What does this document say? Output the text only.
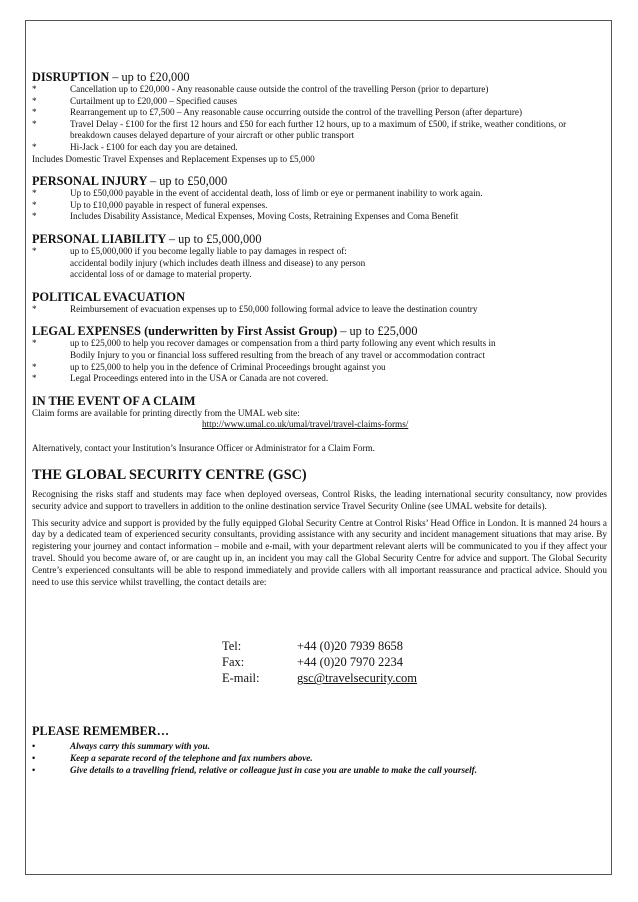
DISRUPTION – up to £20,000

*	Cancellation up to £20,000 - Any reasonable cause outside the control of the travelling Person (prior to departure)
*	Curtailment up to £20,000 – Specified causes
*	Rearrangement up to £7,500 – Any reasonable cause occurring outside the control of the travelling Person (after departure)
*	Travel Delay - £100 for the first 12 hours and £50 for each further 12 hours, up to a maximum of £500, if strike, weather conditions, or breakdown causes delayed departure of your aircraft or other public transport
*	Hi-Jack - £100 for each day you are detained.
Includes Domestic Travel Expenses and Replacement Expenses up to £5,000

PERSONAL INJURY – up to £50,000

*	Up to £50,000 payable in the event of accidental death, loss of limb or eye or permanent inability to work again.
*	Up to £10,000 payable in respect of funeral expenses.
*	Includes Disability Assistance, Medical Expenses, Moving Costs, Retraining Expenses and Coma Benefit

PERSONAL LIABILITY – up to £5,000,000

*	up to £5,000,000 if you become legally liable to pay damages in respect of:
accidental bodily injury (which includes death illness and disease) to any person
accidental loss of or damage to material property.

POLITICAL EVACUATION

*	Reimbursement of evacuation expenses up to £50,000 following formal advice to leave the destination country

LEGAL EXPENSES (underwritten by First Assist Group) – up to £25,000

*	up to £25,000 to help you recover damages or compensation from a third party following any event which results in
Bodily Injury to you or financial loss suffered resulting from the breach of any travel or accommodation contract
*	up to £25,000 to help you in the defence of Criminal Proceedings brought against you
*	Legal Proceedings entered into in the USA or Canada are not covered.

IN THE EVENT OF A CLAIM

Claim forms are available for printing directly from the UMAL web site:
http://www.umal.co.uk/umal/travel/travel-claims-forms/
Alternatively, contact your Institution’s Insurance Officer or Administrator for a Claim Form.

THE GLOBAL SECURITY CENTRE (GSC)

Recognising the risks staff and students may face when deployed overseas, Control Risks, the leading international security consultancy, now provides security advice and support to travellers in addition to the online destination service Travel Security Online (see UMAL website for details).

This security advice and support is provided by the fully equipped Global Security Centre at Control Risks’ Head Office in London. It is manned 24 hours a day by a dedicated team of experienced security consultants, providing assistance with any security and incident management situations that may arise. By registering your journey and contact information – mobile and e-mail, with your department relevant alerts will be communicated to you if they affect your travel. Should you become aware of, or are caught up in, an incident you may call the Global Security Centre for advice and support. The Global Security Centre’s experienced consultants will be able to respond immediately and provide callers with all important reassurance and practical advice. Should you need to use this service whilst travelling, the contact details are:

Tel:	+44 (0)20 7939 8658
Fax:	+44 (0)20 7970 2234
E-mail:	gsc@travelsecurity.com

PLEASE REMEMBER…

•	Always carry this summary with you.
•	Keep a separate record of the telephone and fax numbers above.
•	Give details to a travelling friend, relative or colleague just in case you are unable to make the call yourself.
